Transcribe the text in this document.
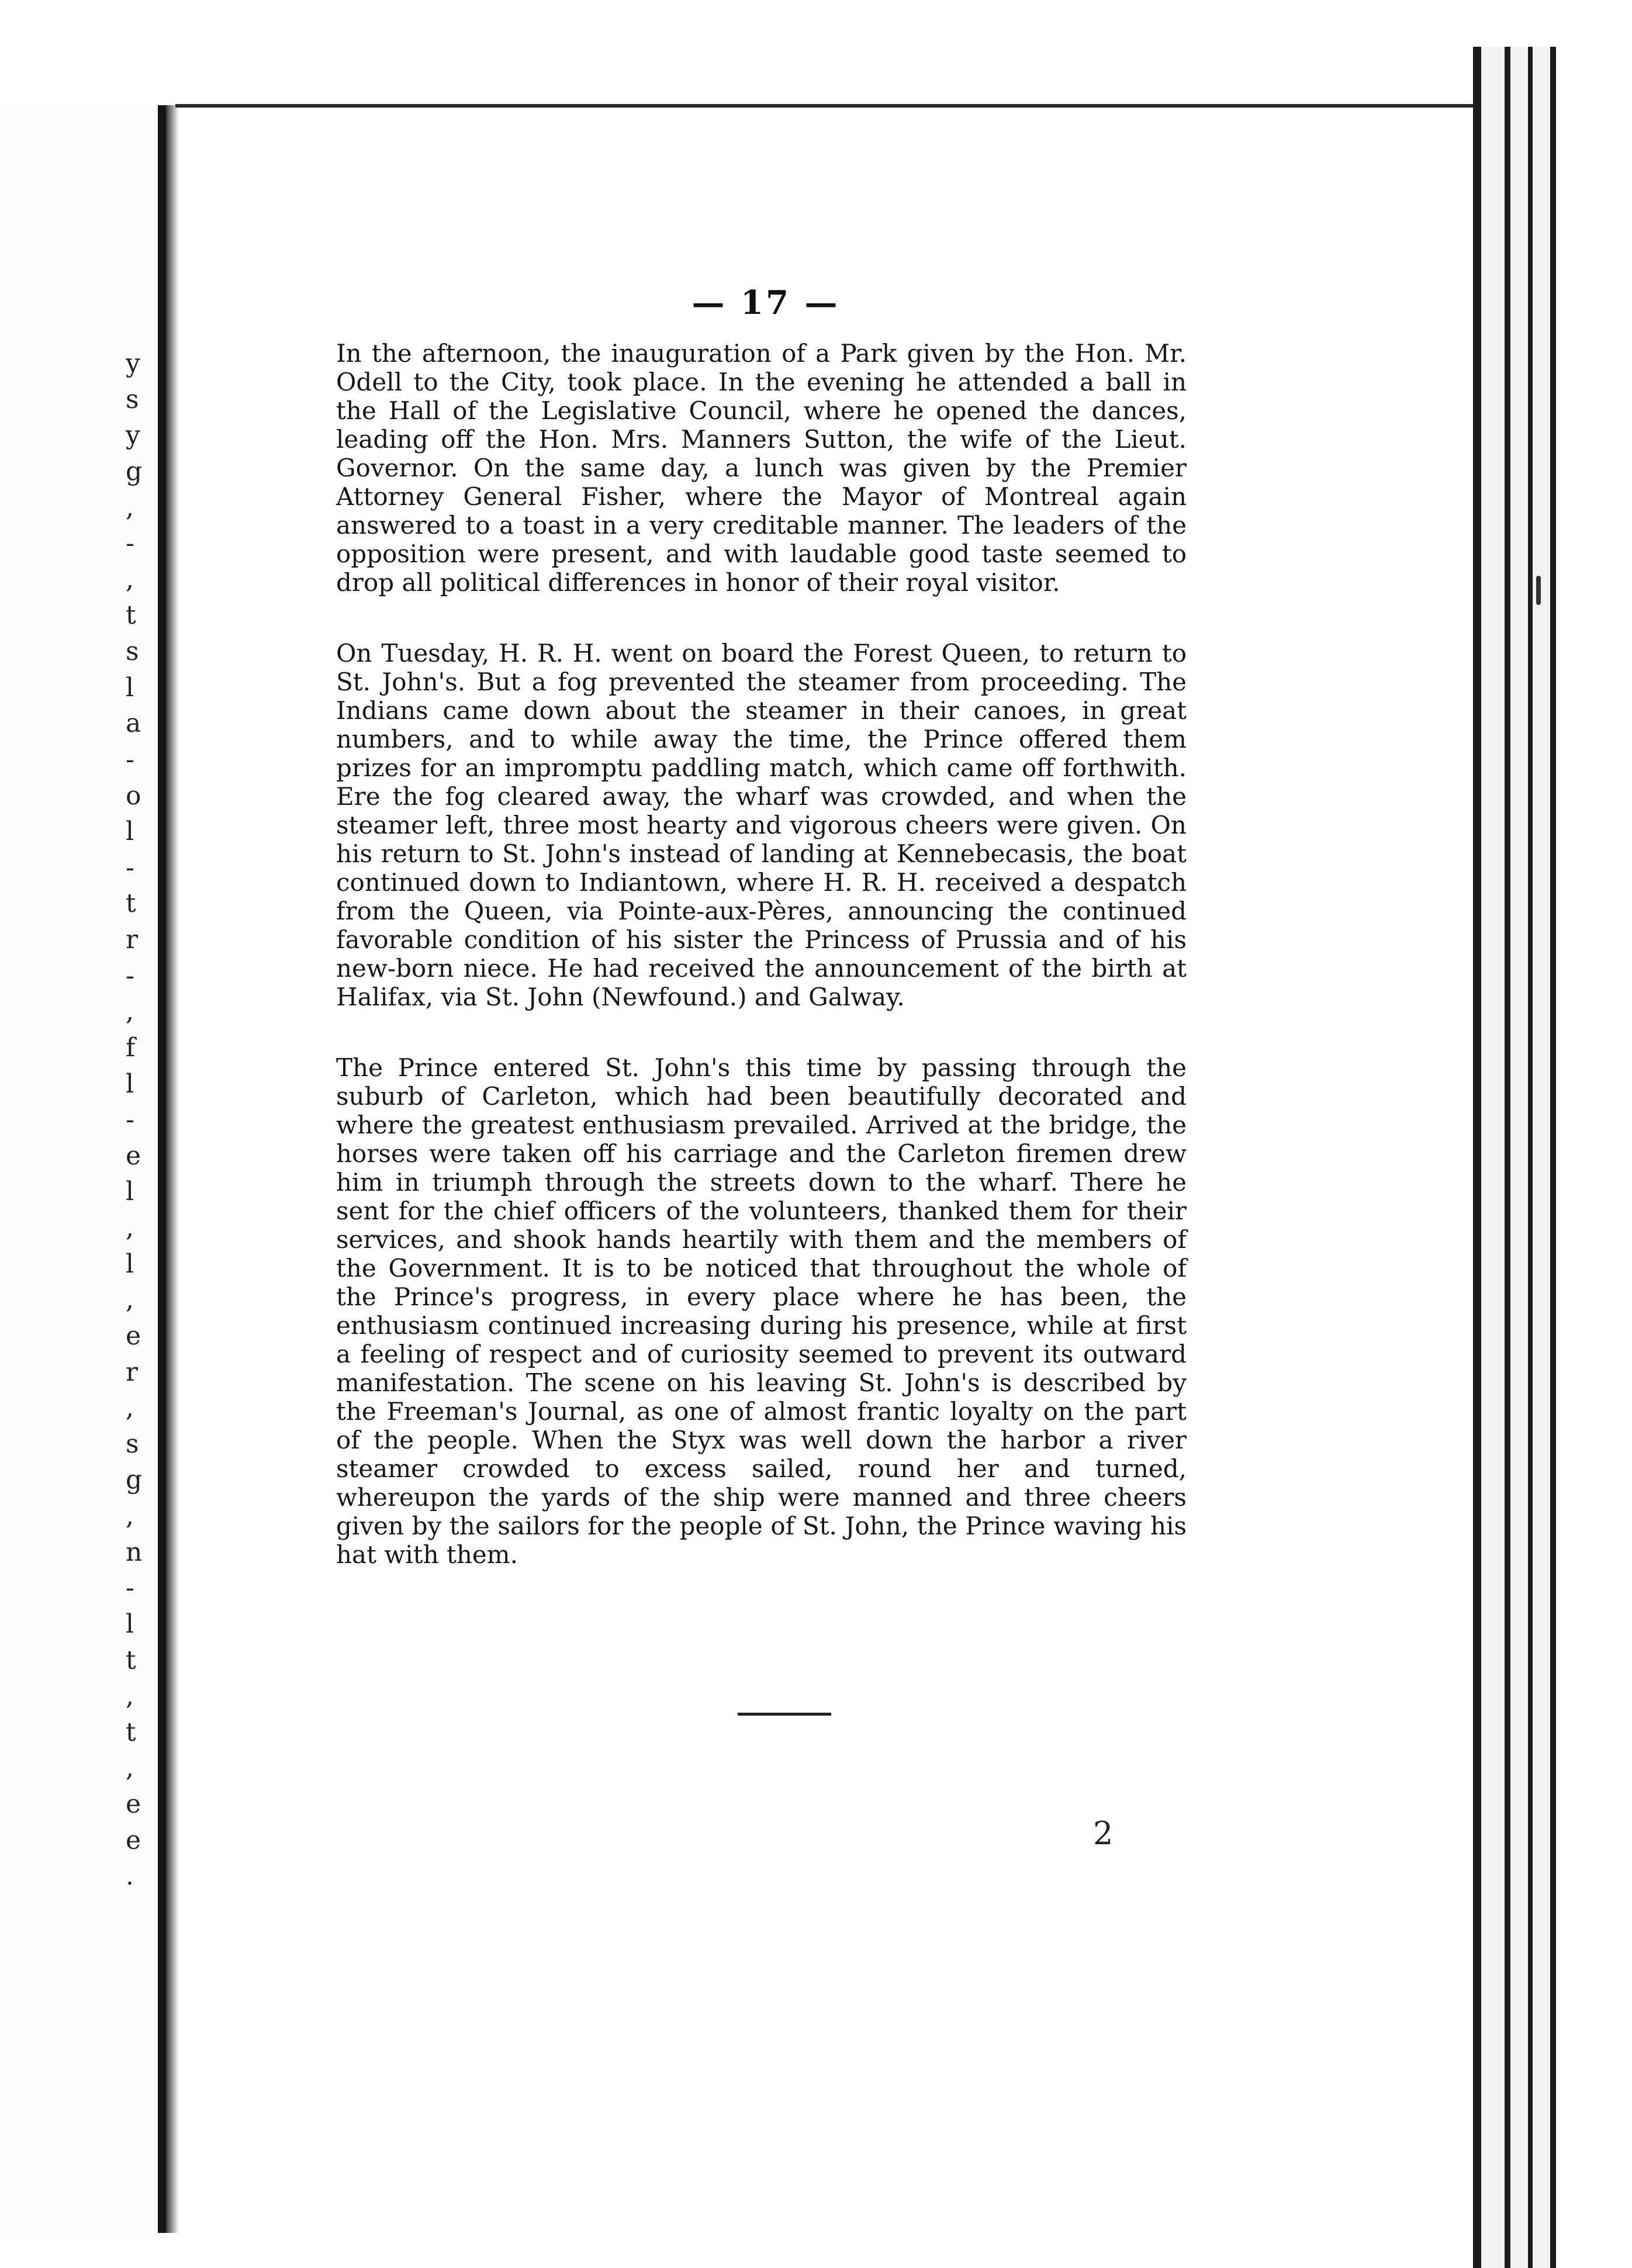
y
s
y
g
,
-
,
t
s
l
a
-
o
l
-
t
r
-
,
f
l
-
e
l
,
l
,
e
r
,
s
g
,
n
-
l
t
,
t
,
e
e
.
— 17 —

In the afternoon, the inauguration of a Park given by the Hon. Mr. Odell to the City, took place. In the evening he attended a ball in the Hall of the Legislative Council, where he opened the dances, leading off the Hon. Mrs. Manners Sutton, the wife of the Lieut. Governor. On the same day, a lunch was given by the Premier Attorney General Fisher, where the Mayor of Montreal again answered to a toast in a very creditable manner. The leaders of the opposition were present, and with laudable good taste seemed to drop all political differences in honor of their royal visitor.

On Tuesday, H. R. H. went on board the Forest Queen, to return to St. John's. But a fog prevented the steamer from proceeding. The Indians came down about the steamer in their canoes, in great numbers, and to while away the time, the Prince offered them prizes for an impromptu paddling match, which came off forthwith. Ere the fog cleared away, the wharf was crowded, and when the steamer left, three most hearty and vigorous cheers were given. On his return to St. John's instead of landing at Kennebecasis, the boat continued down to Indiantown, where H. R. H. received a despatch from the Queen, via Pointe-aux-Pères, announcing the continued favorable condition of his sister the Princess of Prussia and of his new-born niece. He had received the announcement of the birth at Halifax, via St. John (Newfound.) and Galway.

The Prince entered St. John's this time by passing through the suburb of Carleton, which had been beautifully decorated and where the greatest enthusiasm prevailed. Arrived at the bridge, the horses were taken off his carriage and the Carleton firemen drew him in triumph through the streets down to the wharf. There he sent for the chief officers of the volunteers, thanked them for their services, and shook hands heartily with them and the members of the Government. It is to be noticed that throughout the whole of the Prince's progress, in every place where he has been, the enthusiasm continued increasing during his presence, while at first a feeling of respect and of curiosity seemed to prevent its outward manifestation. The scene on his leaving St. John's is described by the Freeman's Journal, as one of almost frantic loyalty on the part of the people. When the Styx was well down the harbor a river steamer crowded to excess sailed, round her and turned, whereupon the yards of the ship were manned and three cheers given by the sailors for the people of St. John, the Prince waving his hat with them.

2
